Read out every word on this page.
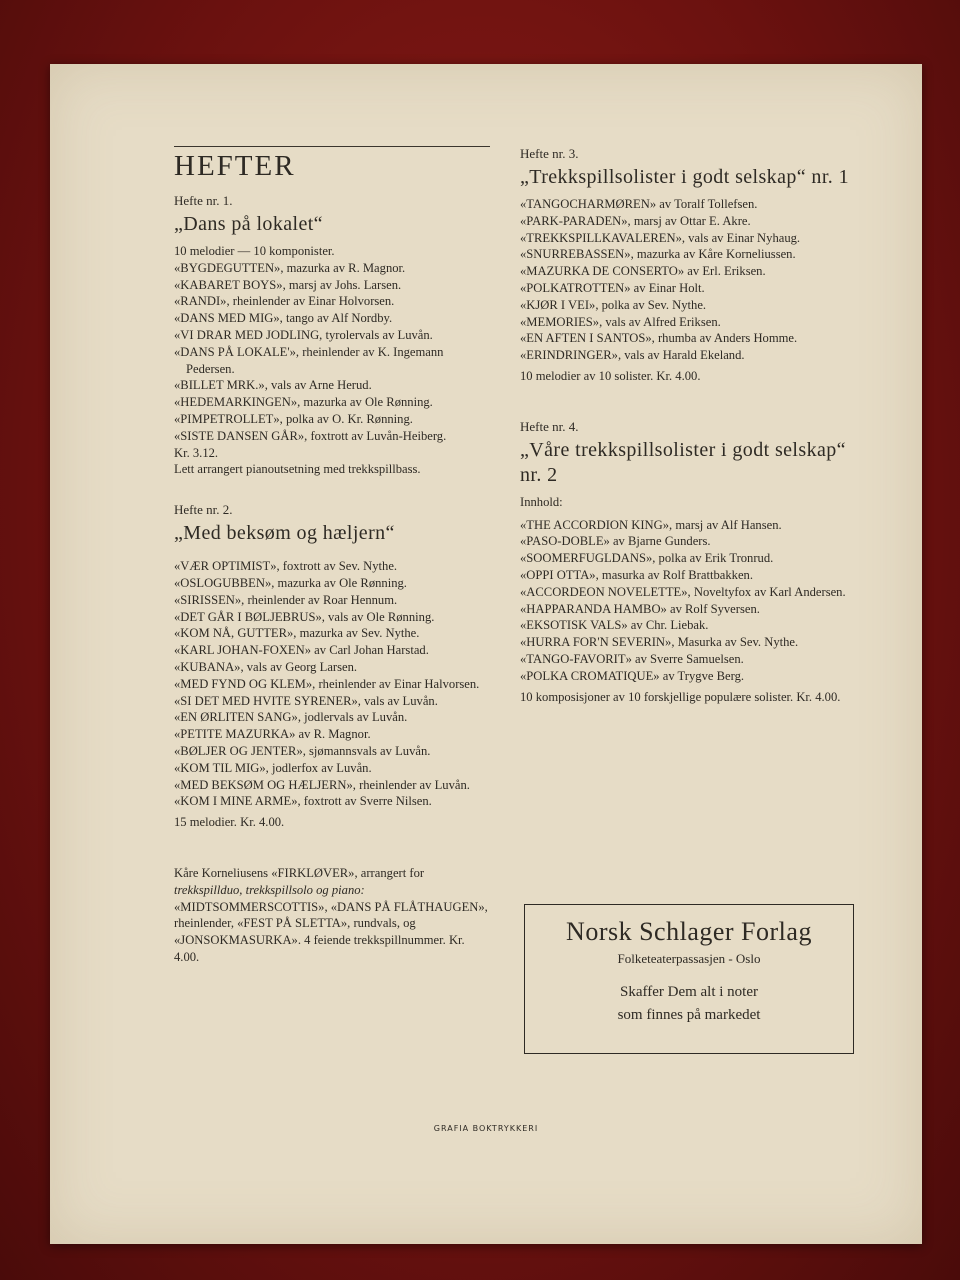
HEFTER

Hefte nr. 1.

„Dans på lokalet“

10 melodier — 10 komponister.

«BYGDEGUTTEN», mazurka av R. Magnor.

«KABARET BOYS», marsj av Johs. Larsen.

«RANDI», rheinlender av Einar Holvorsen.

«DANS MED MIG», tango av Alf Nordby.

«VI DRAR MED JODLING, tyrolervals av Luvån.

«DANS PÅ LOKALE'», rheinlender av K. Ingemann Pedersen.

«BILLET MRK.», vals av Arne Herud.

«HEDEMARKINGEN», mazurka av Ole Rønning.

«PIMPETROLLET», polka av O. Kr. Rønning.

«SISTE DANSEN GÅR», foxtrott av Luvån-Heiberg.

Kr. 3.12.

Lett arrangert pianoutsetning med trekkspillbass.

Hefte nr. 2.

„Med beksøm og hæljern“

«VÆR OPTIMIST», foxtrott av Sev. Nythe.

«OSLOGUBBEN», mazurka av Ole Rønning.

«SIRISSEN», rheinlender av Roar Hennum.

«DET GÅR I BØLJEBRUS», vals av Ole Rønning.

«KOM NÅ, GUTTER», mazurka av Sev. Nythe.

«KARL JOHAN-FOXEN» av Carl Johan Harstad.

«KUBANA», vals av Georg Larsen.

«MED FYND OG KLEM», rheinlender av Einar Halvorsen.

«SI DET MED HVITE SYRENER», vals av Luvån.

«EN ØRLITEN SANG», jodlervals av Luvån.

«PETITE MAZURKA» av R. Magnor.

«BØLJER OG JENTER», sjømannsvals av Luvån.

«KOM TIL MIG», jodlerfox av Luvån.

«MED BEKSØM OG HÆLJERN», rheinlender av Luvån.

«KOM I MINE ARME», foxtrott av Sverre Nilsen.

15 melodier. Kr. 4.00.

Kåre Korneliusens «FIRKLØVER», arrangert for

trekkspillduo, trekkspillsolo og piano:

«MIDTSOMMERSCOTTIS», «DANS PÅ FLÅTHAUGEN», rheinlender, «FEST PÅ SLETTA», rundvals, og «JONSOKMASURKA». 4 feiende trekkspillnummer. Kr. 4.00.

Hefte nr. 3.

„Trekkspillsolister i godt selskap“ nr. 1

«TANGOCHARMØREN» av Toralf Tollefsen.

«PARK-PARADEN», marsj av Ottar E. Akre.

«TREKKSPILLKAVALEREN», vals av Einar Nyhaug.

«SNURREBASSEN», mazurka av Kåre Korneliussen.

«MAZURKA DE CONSERTO» av Erl. Eriksen.

«POLKATROTTEN» av Einar Holt.

«KJØR I VEI», polka av Sev. Nythe.

«MEMORIES», vals av Alfred Eriksen.

«EN AFTEN I SANTOS», rhumba av Anders Homme.

«ERINDRINGER», vals av Harald Ekeland.

10 melodier av 10 solister. Kr. 4.00.

Hefte nr. 4.

„Våre trekkspillsolister i godt selskap“ nr. 2

Innhold:

«THE ACCORDION KING», marsj av Alf Hansen.

«PASO-DOBLE» av Bjarne Gunders.

«SOOMERFUGLDANS», polka av Erik Tronrud.

«OPPI OTTA», masurka av Rolf Brattbakken.

«ACCORDEON NOVELETTE», Noveltyfox av Karl Andersen.

«HAPPARANDA HAMBO» av Rolf Syversen.

«EKSOTISK VALS» av Chr. Liebak.

«HURRA FOR'N SEVERIN», Masurka av Sev. Nythe.

«TANGO-FAVORIT» av Sverre Samuelsen.

«POLKA CROMATIQUE» av Trygve Berg.

10 komposisjoner av 10 forskjellige populære solister. Kr. 4.00.

Norsk Schlager Forlag
Folketeaterpassasjen - Oslo
Skaffer Dem alt i noter
som finnes på markedet
GRAFIA BOKTRYKKERI
